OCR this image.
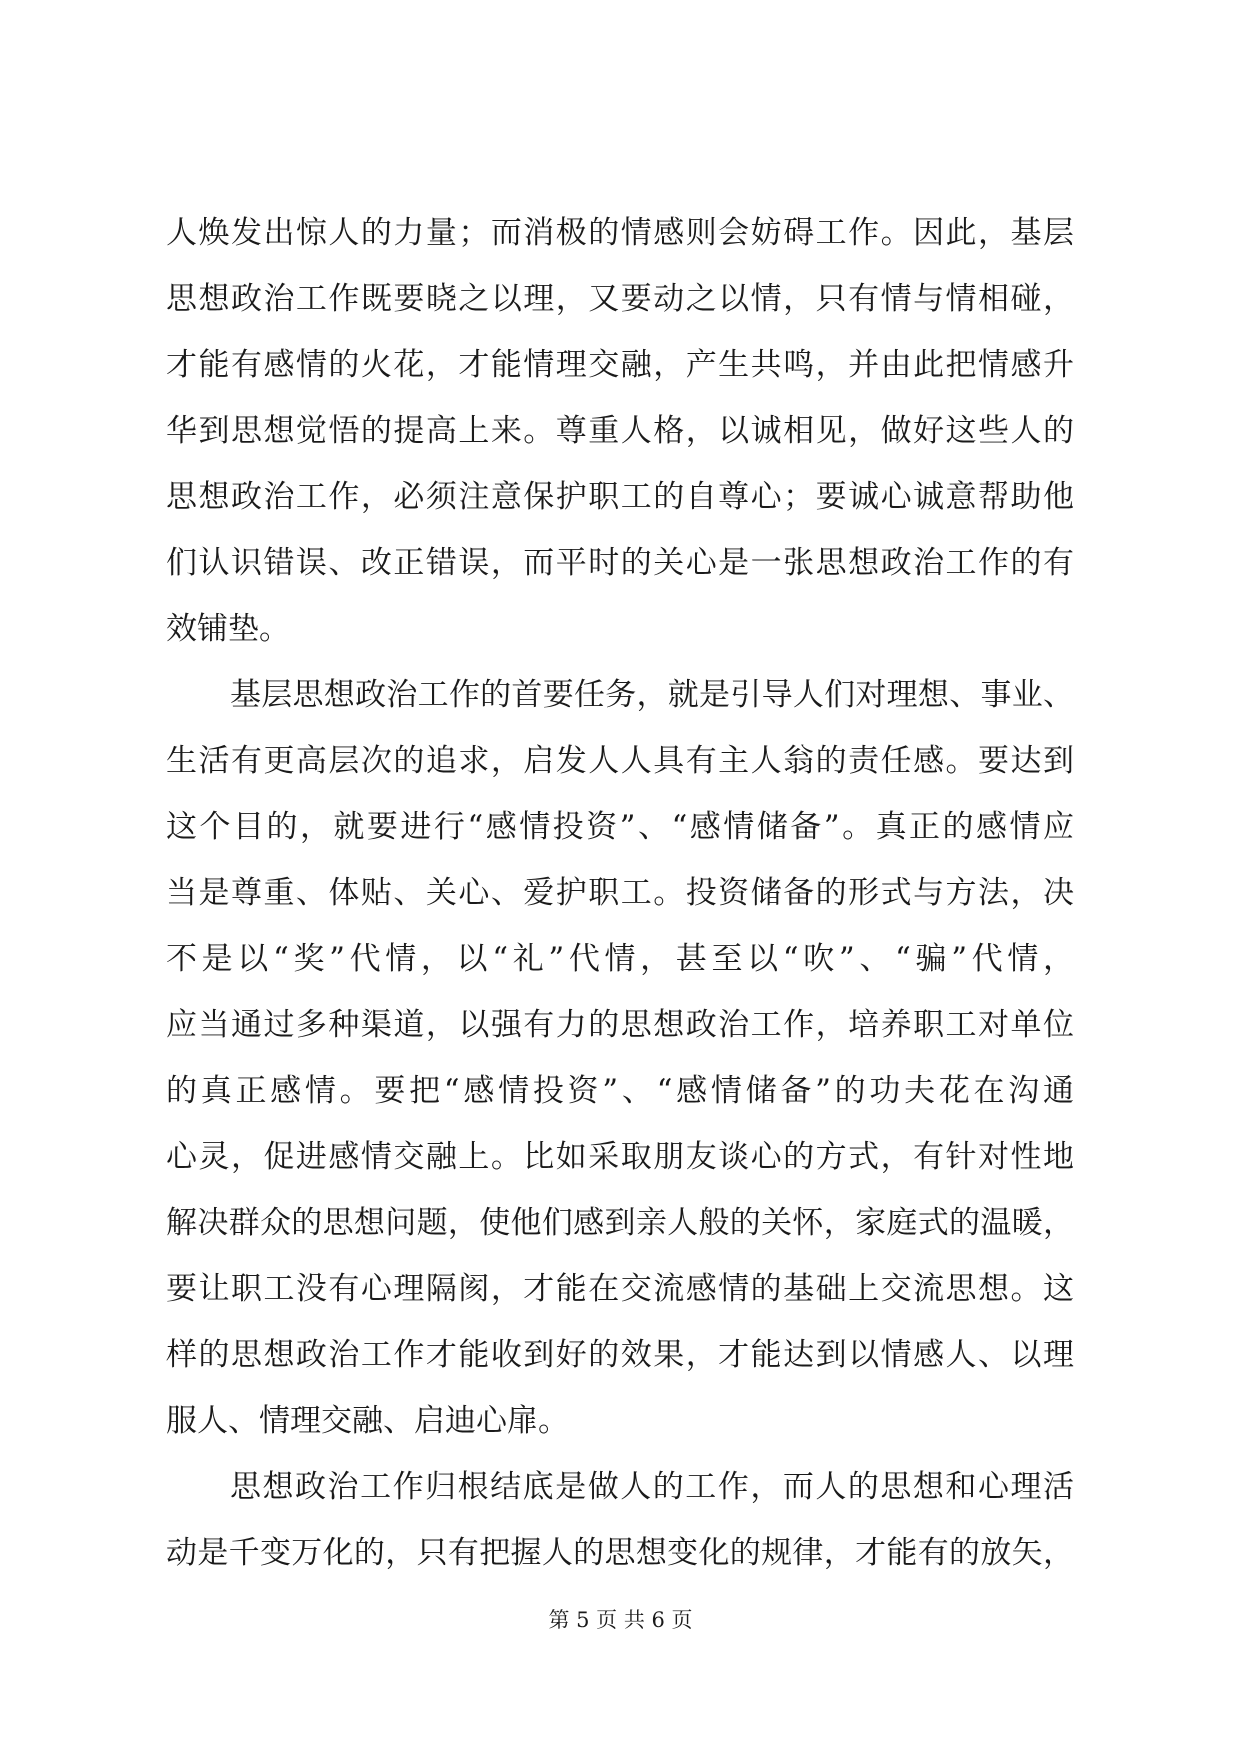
人焕发出惊人的力量；而消极的情感则会妨碍工作。因此，基层
思想政治工作既要晓之以理，又要动之以情，只有情与情相碰，
才能有感情的火花，才能情理交融，产生共鸣，并由此把情感升
华到思想觉悟的提高上来。尊重人格，以诚相见，做好这些人的
思想政治工作，必须注意保护职工的自尊心；要诚心诚意帮助他
们认识错误、改正错误，而平时的关心是一张思想政治工作的有
效铺垫。
基层思想政治工作的首要任务，就是引导人们对理想、事业、
生活有更高层次的追求，启发人人具有主人翁的责任感。要达到
这个目的，就要进行“感情投资”、“感情储备”。真正的感情应
当是尊重、体贴、关心、爱护职工。投资储备的形式与方法，决
不是以“奖”代情，以“礼”代情，甚至以“吹”、“骗”代情，
应当通过多种渠道，以强有力的思想政治工作，培养职工对单位
的真正感情。要把“感情投资”、“感情储备”的功夫花在沟通
心灵，促进感情交融上。比如采取朋友谈心的方式，有针对性地
解决群众的思想问题，使他们感到亲人般的关怀，家庭式的温暖，
要让职工没有心理隔阂，才能在交流感情的基础上交流思想。这
样的思想政治工作才能收到好的效果，才能达到以情感人、以理
服人、情理交融、启迪心扉。
思想政治工作归根结底是做人的工作，而人的思想和心理活
动是千变万化的，只有把握人的思想变化的规律，才能有的放矢，
第 5 页 共 6 页
